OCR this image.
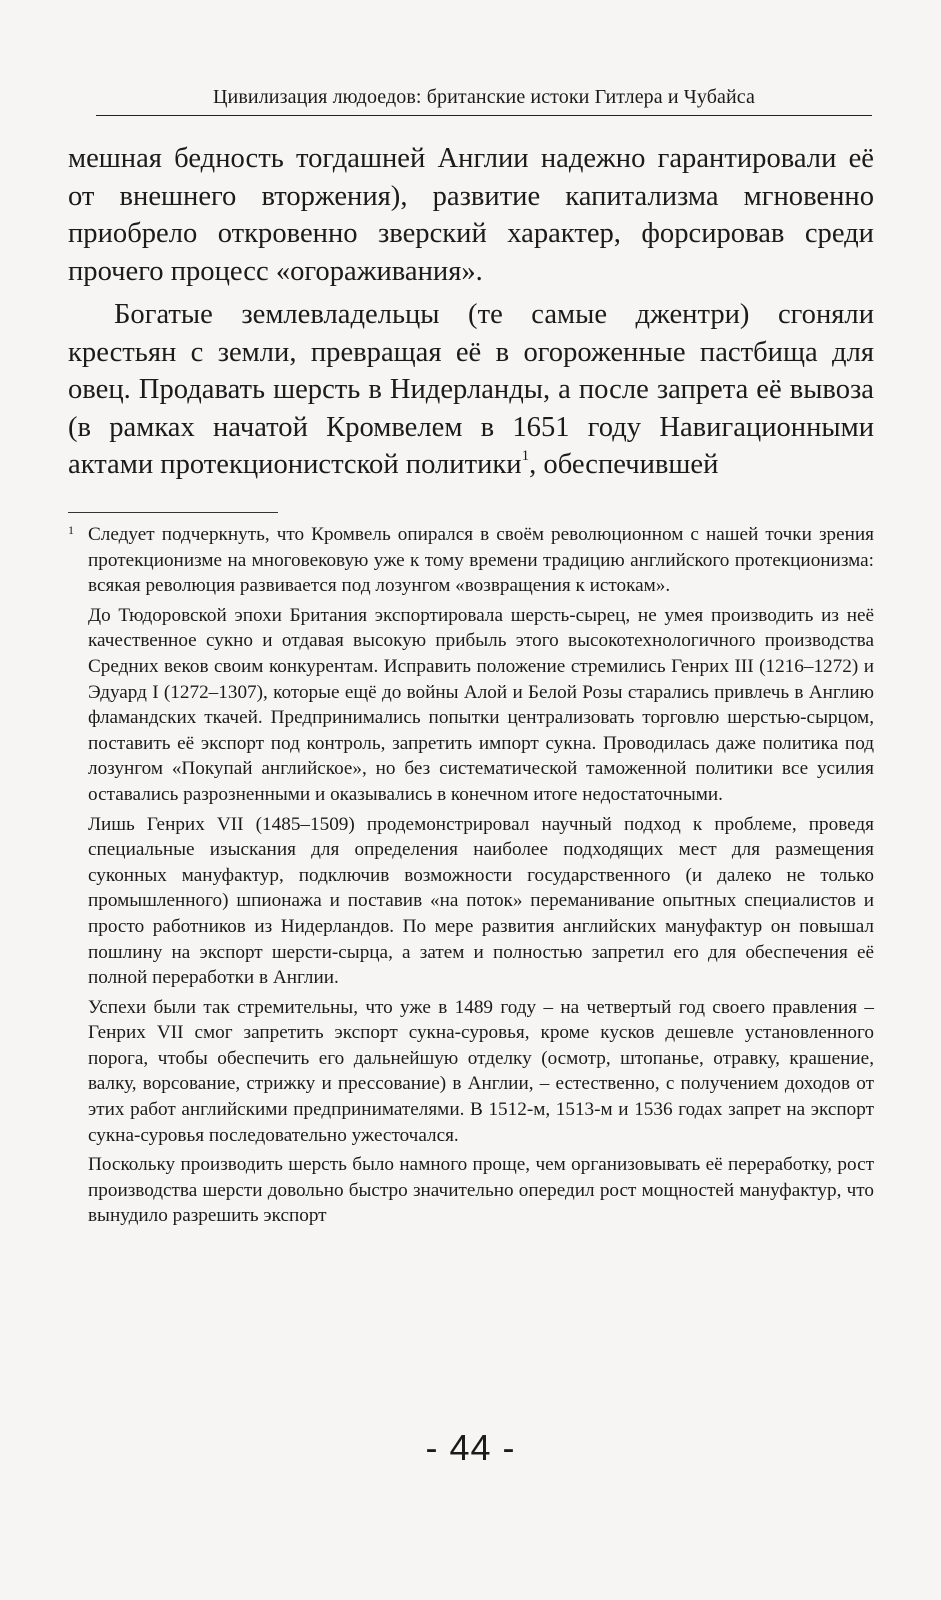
Цивилизация людоедов: британские истоки Гитлера и Чубайса

мешная бедность тогдашней Англии надежно гарантировали её от внешнего вторжения), развитие капитализма мгновенно приобрело откровенно зверский характер, форсировав среди прочего процесс «огораживания».

Богатые землевладельцы (те самые джентри) сгоняли крестьян с земли, превращая её в огороженные пастбища для овец. Продавать шерсть в Нидерланды, а после запрета её вывоза (в рамках начатой Кромвелем в 1651 году Навигационными актами протекционистской политики$^1$, обеспечившей

1 Следует подчеркнуть, что Кромвель опирался в своём революционном с нашей точки зрения протекционизме на многовековую уже к тому времени традицию английского протекционизма: всякая революция развивается под лозунгом «возвращения к истокам».

До Тюдоровской эпохи Британия экспортировала шерсть-сырец, не умея производить из неё качественное сукно и отдавая высокую прибыль этого высокотехнологичного производства Средних веков своим конкурентам. Исправить положение стремились Генрих III (1216–1272) и Эдуард I (1272–1307), которые ещё до войны Алой и Белой Розы старались привлечь в Англию фламандских ткачей. Предпринимались попытки централизовать торговлю шерстью-сырцом, поставить её экспорт под контроль, запретить импорт сукна. Проводилась даже политика под лозунгом «Покупай английское», но без систематической таможенной политики все усилия оставались разрозненными и оказывались в конечном итоге недостаточными.

Лишь Генрих VII (1485–1509) продемонстрировал научный подход к проблеме, проведя специальные изыскания для определения наиболее подходящих мест для размещения суконных мануфактур, подключив возможности государственного (и далеко не только промышленного) шпионажа и поставив «на поток» переманивание опытных специалистов и просто работников из Нидерландов. По мере развития английских мануфактур он повышал пошлину на экспорт шерсти-сырца, а затем и полностью запретил его для обеспечения её полной переработки в Англии.

Успехи были так стремительны, что уже в 1489 году – на четвертый год своего правления – Генрих VII смог запретить экспорт сукна-суровья, кроме кусков дешевле установленного порога, чтобы обеспечить его дальнейшую отделку (осмотр, штопанье, отравку, крашение, валку, ворсование, стрижку и прессование) в Англии, – естественно, с получением доходов от этих работ английскими предпринимателями. В 1512-м, 1513-м и 1536 годах запрет на экспорт сукна-суровья последовательно ужесточался.

Поскольку производить шерсть было намного проще, чем организовывать её переработку, рост производства шерсти довольно быстро значительно опередил рост мощностей мануфактур, что вынудило разрешить экспорт

- 44 -
